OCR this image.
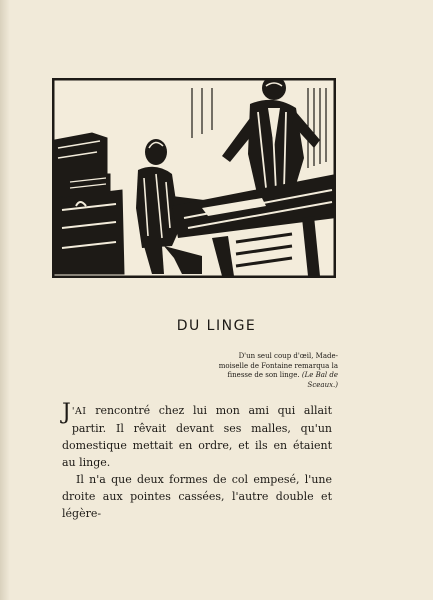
DU LINGE
D'un seul coup d'œil, Mademoiselle de Fontaine remarqua la finesse de son linge. (Le Bal de Sceaux.)

J 'AI rencontré chez lui mon ami qui allait partir. Il rêvait devant ses malles, qu'un domestique mettait en ordre, et ils en étaient au linge.

Il n'a que deux formes de col empesé, l'une droite aux pointes cassées, l'autre double et légère-
